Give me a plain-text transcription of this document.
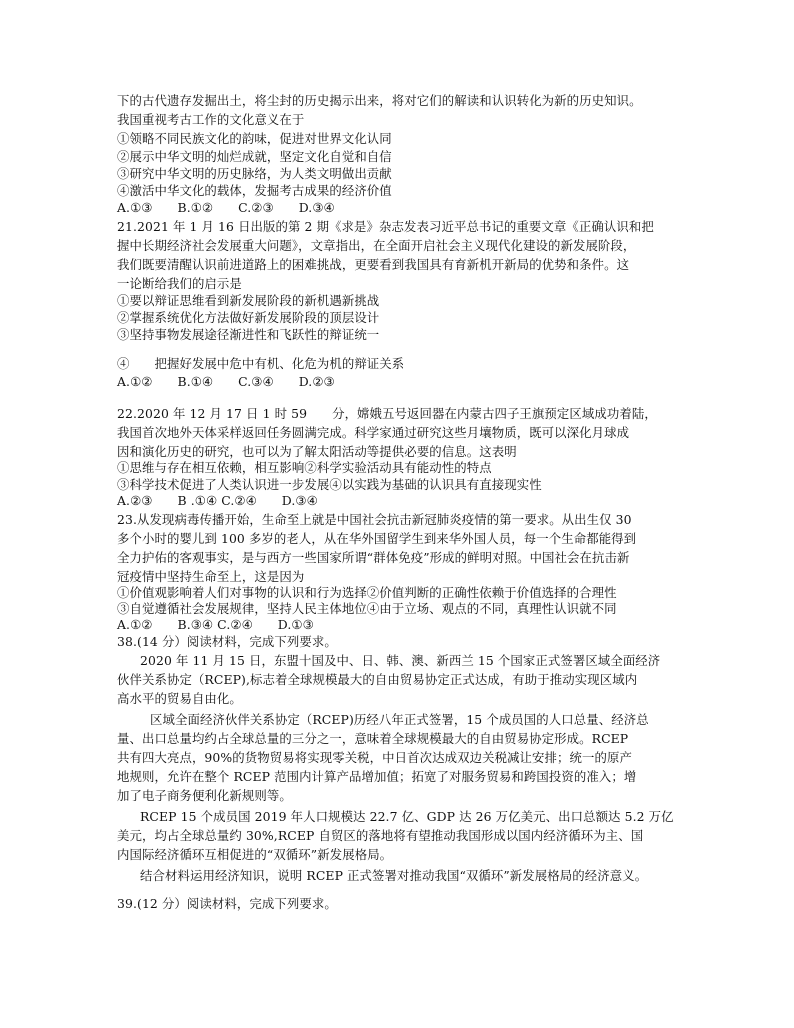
下的古代遗存发掘出土，将尘封的历史揭示出来，将对它们的解读和认识转化为新的历史知识。
我国重视考古工作的文化意义在于
①领略不同民族文化的韵味，促进对世界文化认同
②展示中华文明的灿烂成就，坚定文化自觉和自信
③研究中华文明的历史脉络，为人类文明做出贡献
④激活中华文化的载体，发掘考古成果的经济价值
A.①③　　B.①②　　C.②③　　D.③④
21.2021 年 1 月 16 日出版的第 2 期《求是》杂志发表习近平总书记的重要文章《正确认识和把
握中长期经济社会发展重大问题》，文章指出，在全面开启社会主义现代化建设的新发展阶段，
我们既要清醒认识前进道路上的困难挑战，更要看到我国具有育新机开新局的优势和条件。这
一论断给我们的启示是
①要以辩证思维看到新发展阶段的新机遇新挑战
②掌握系统优化方法做好新发展阶段的顶层设计
③坚持事物发展途径渐进性和飞跃性的辩证统一
④　　把握好发展中危中有机、化危为机的辩证关系
A.①②　　B.①④　　C.③④　　D.②③
22.2020 年 12 月 17 日 1 时 59　　分，嫦娥五号返回器在内蒙古四子王旗预定区域成功着陆，
我国首次地外天体采样返回任务圆满完成。科学家通过研究这些月壤物质，既可以深化月球成
因和演化历史的研究，也可以为了解太阳活动等提供必要的信息。这表明
①思维与存在相互依赖，相互影响②科学实验活动具有能动性的特点
③科学技术促进了人类认识进一步发展④以实践为基础的认识具有直接现实性
A.②③　　B .①④ C.②④　　D.③④
23.从发现病毒传播开始，生命至上就是中国社会抗击新冠肺炎疫情的第一要求。从出生仅 30
多个小时的婴儿到 100 多岁的老人，从在华外国留学生到来华外国人员，每一个生命都能得到
全力护佑的客观事实，是与西方一些国家所谓“群体免疫”形成的鲜明对照。中国社会在抗击新
冠疫情中坚持生命至上，这是因为
①价值观影响着人们对事物的认识和行为选择②价值判断的正确性依赖于价值选择的合理性
③自觉遵循社会发展规律，坚持人民主体地位④由于立场、观点的不同，真理性认识就不同
A.①②　　B.③④ C.②④　　D.①③
38.(14 分）阅读材料，完成下列要求。
2020 年 11 月 15 日，东盟十国及中、日、韩、澳、新西兰 15 个国家正式签署区域全面经济
伙伴关系协定（RCEP),标志着全球规模最大的自由贸易协定正式达成，有助于推动实现区域内
高水平的贸易自由化。
区域全面经济伙伴关系协定（RCEP)历经八年正式签署，15 个成员国的人口总量、经济总
量、出口总量均约占全球总量的三分之一，意味着全球规模最大的自由贸易协定形成。RCEP
共有四大亮点，90%的货物贸易将实现零关税，中日首次达成双边关税减让安排；统一的原产
地规则，允许在整个 RCEP 范围内计算产品增加值；拓宽了对服务贸易和跨国投资的准入；增
加了电子商务便利化新规则等。
RCEP 15 个成员国 2019 年人口规模达 22.7 亿、GDP 达 26 万亿美元、出口总额达 5.2 万亿
美元，均占全球总量约 30%,RCEP 自贸区的落地将有望推动我国形成以国内经济循环为主、国
内国际经济循环互相促进的“双循环”新发展格局。
结合材料运用经济知识，说明 RCEP 正式签署对推动我国“双循环”新发展格局的经济意义。
39.(12 分）阅读材料，完成下列要求。
